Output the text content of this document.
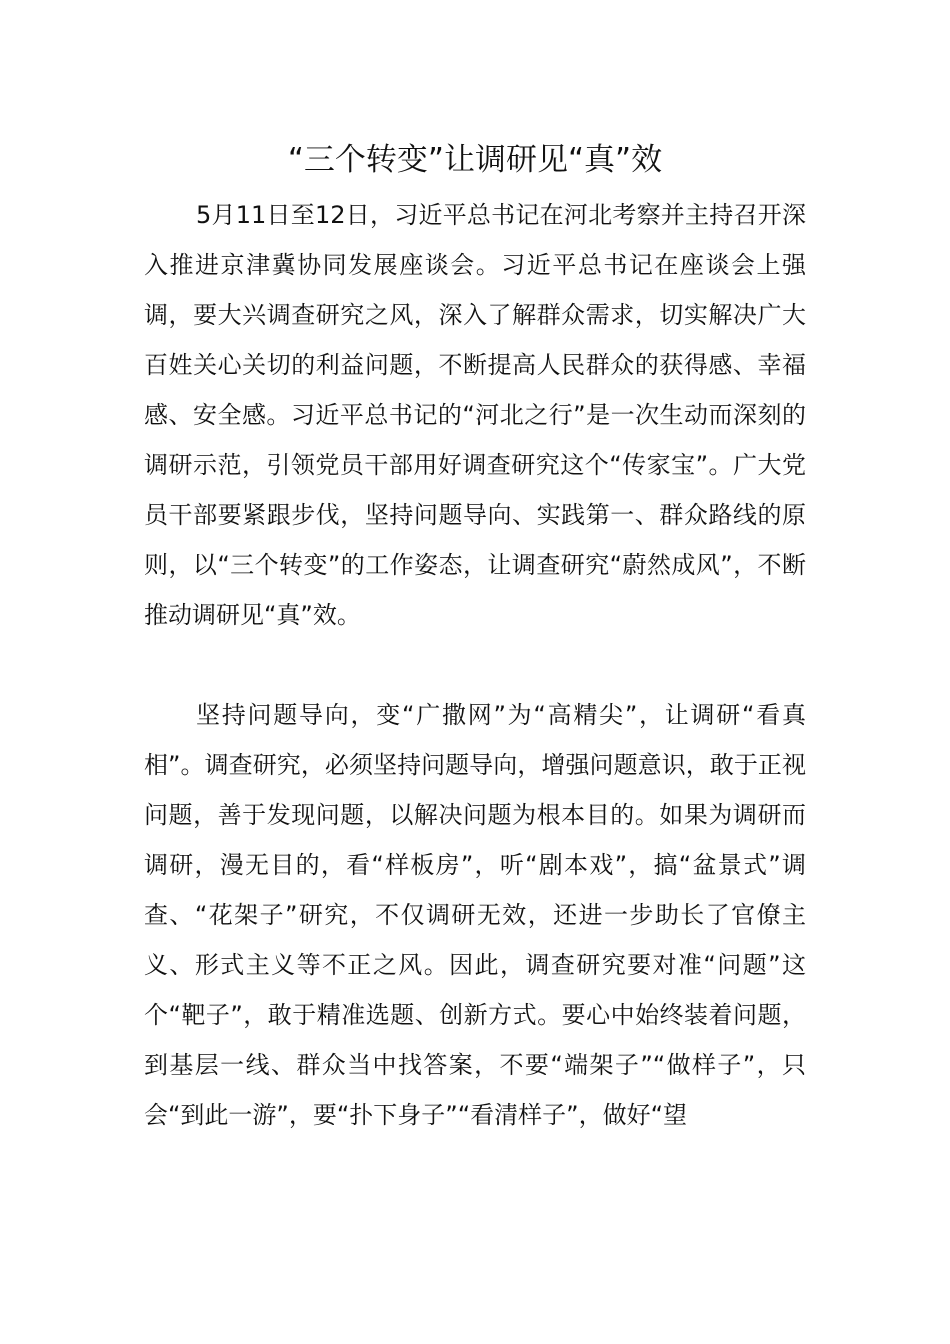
“三个转变”让调研见“真”效

5月11日至12日，习近平总书记在河北考察并主持召开深入推进京津冀协同发展座谈会。习近平总书记在座谈会上强调，要大兴调查研究之风，深入了解群众需求，切实解决广大百姓关心关切的利益问题，不断提高人民群众的获得感、幸福感、安全感。习近平总书记的“河北之行”是一次生动而深刻的调研示范，引领党员干部用好调查研究这个“传家宝”。广大党员干部要紧跟步伐，坚持问题导向、实践第一、群众路线的原则，以“三个转变”的工作姿态，让调查研究“蔚然成风”，不断推动调研见“真”效。

坚持问题导向，变“广撒网”为“高精尖”，让调研“看真相”。调查研究，必须坚持问题导向，增强问题意识，敢于正视问题，善于发现问题，以解决问题为根本目的。如果为调研而调研，漫无目的，看“样板房”，听“剧本戏”，搞“盆景式”调查、“花架子”研究，不仅调研无效，还进一步助长了官僚主义、形式主义等不正之风。因此，调查研究要对准“问题”这个“靶子”，敢于精准选题、创新方式。要心中始终装着问题，到基层一线、群众当中找答案，不要“端架子”“做样子”，只会“到此一游”，要“扑下身子”“看清样子”，做好“望
